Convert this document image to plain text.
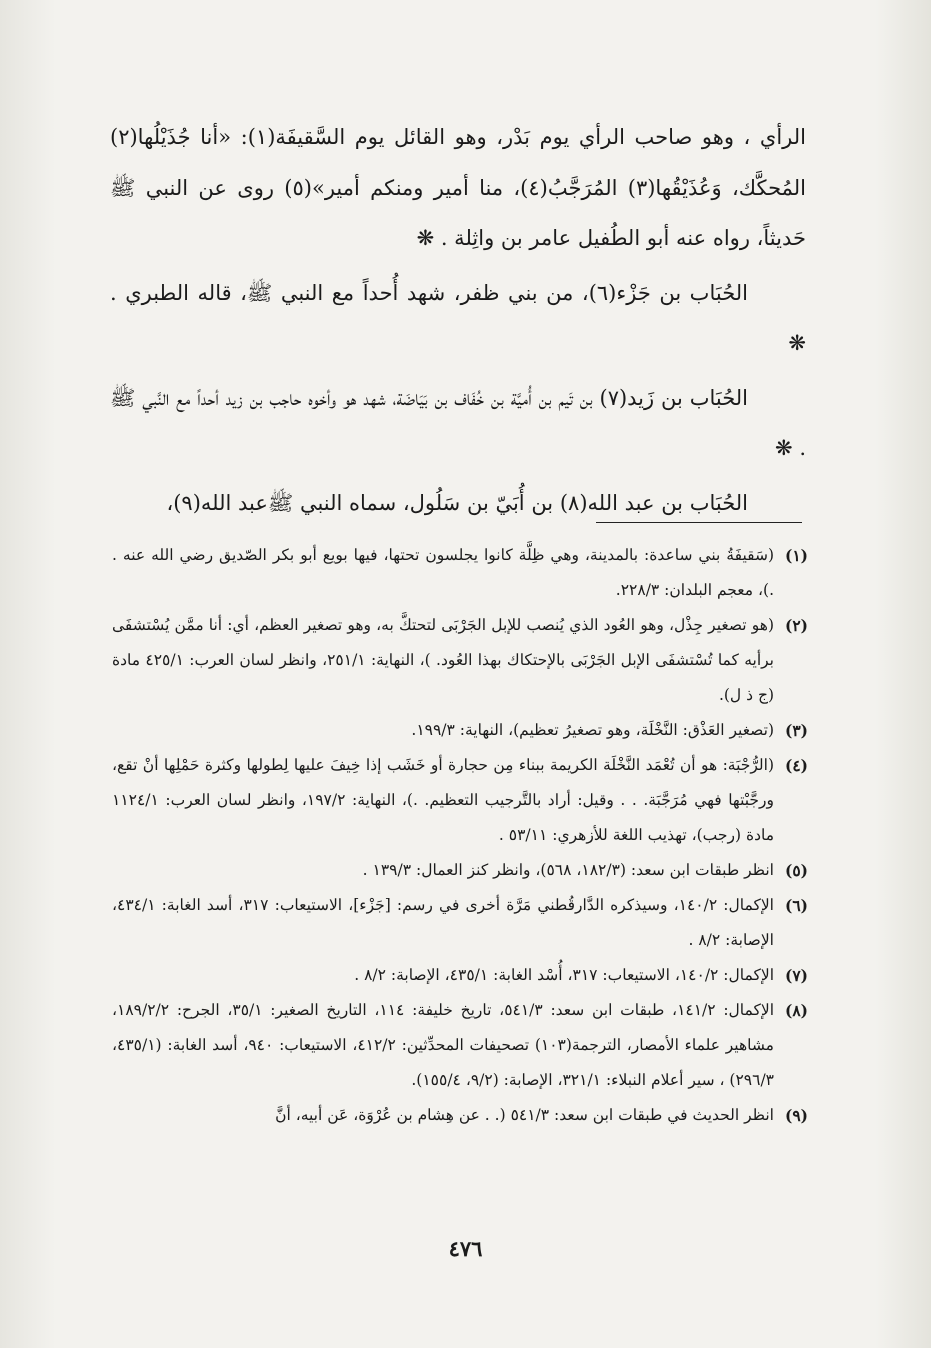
الرأي ، وهو صاحب الرأي يوم بَدْر، وهو القائل يوم السَّقيفَة(١): «أنا جُذَيْلُها(٢) المُحكَّك، وَعُذَيْقُها(٣) المُرَجَّبُ(٤)، منا أمير ومنكم أمير»(٥) روى عن النبي ﷺ حَديثاً، رواه عنه أبو الطُفيل عامر بن واثِلة . ❋

الحُبَاب بن جَزْء(٦)، من بني ظفر، شهد أُحداً مع النبي ﷺ، قاله الطبري . ❋

الحُبَاب بن زَيد(٧) بن تَيم بن أُميَّة بن خُفَاف بن بَيَاضَة، شهد هو وأخوه حاجب بن زيد أحداً مع النَّبي ﷺ . ❋

الحُبَاب بن عبد الله(٨) بن أُبَيّ بن سَلُول، سماه النبي ﷺعبد الله(٩)،

(١)
(سَقيفَةُ بني ساعدة: بالمدينة، وهي ظِلَّة كانوا يجلسون تحتها، فيها بويع أبو بكر الصّديق رضي الله عنه . .)، معجم البلدان: ٢٢٨/٣.
(٢)
(هو تصغير جِذْل، وهو العُود الذي يُنصب للإبل الجَرْبَى لتحتكَّ به، وهو تصغير العظم، أي: أنا ممَّن يُسْتشفَى برأيه كما تُسْتشفَى الإبل الجَرْبَى بالإحتكاك بهذا العُود. )، النهاية: ٢٥١/١، وانظر لسان العرب: ٤٢٥/١ مادة (ج ذ ل).
(٣)
(تصغير العَذْق: النَّخْلَة، وهو تصغيرُ تعظيم)، النهاية: ١٩٩/٣.
(٤)
(الرُّجْبَة: هو أن تُعْمَد النَّخْلَة الكريمة ببناء مِن حجارة أو خَشَب إذا خِيفَ عليها لِطولها وكثرة حَمْلِها أنْ تقع، ورجَّبْتها فهي مُرَجَّبَة. . . وقيل: أراد بالتَّرجيب التعظيم. .)، النهاية: ١٩٧/٢، وانظر لسان العرب: ١١٢٤/١ مادة (رجب)، تهذيب اللغة للأزهري: ٥٣/١١ .
(٥)
انظر طبقات ابن سعد: (١٨٢/٣، ٥٦٨)، وانظر كنز العمال: ١٣٩/٣ .
(٦)
الإكمال: ١٤٠/٢، وسيذكره الدَّارقُطني مَرَّة أخرى في رسم: [جَزْء]، الاستيعاب: ٣١٧، أسد الغابة: ٤٣٤/١، الإصابة: ٨/٢ .
(٧)
الإكمال: ١٤٠/٢، الاستيعاب: ٣١٧، أُسْد الغابة: ٤٣٥/١، الإصابة: ٨/٢ .
(٨)
الإكمال: ١٤١/٢، طبقات ابن سعد: ٥٤١/٣، تاريخ خليفة: ١١٤، التاريخ الصغير: ٣٥/١، الجرح: ١٨٩/٢/٢، مشاهير علماء الأمصار، الترجمة(١٠٣) تصحيفات المحدِّثين: ٤١٢/٢، الاستيعاب: ٩٤٠، أسد الغابة: (٤٣٥/١، ٢٩٦/٣) ، سير أعلام النبلاء: ٣٢١/١، الإصابة: (٩/٢، ١٥٥/٤).
(٩)
انظر الحديث في طبقات ابن سعد: ٥٤١/٣ (. . عن هِشام بن عُرْوَة، عَن أبيه، أنَّ
٤٧٦
